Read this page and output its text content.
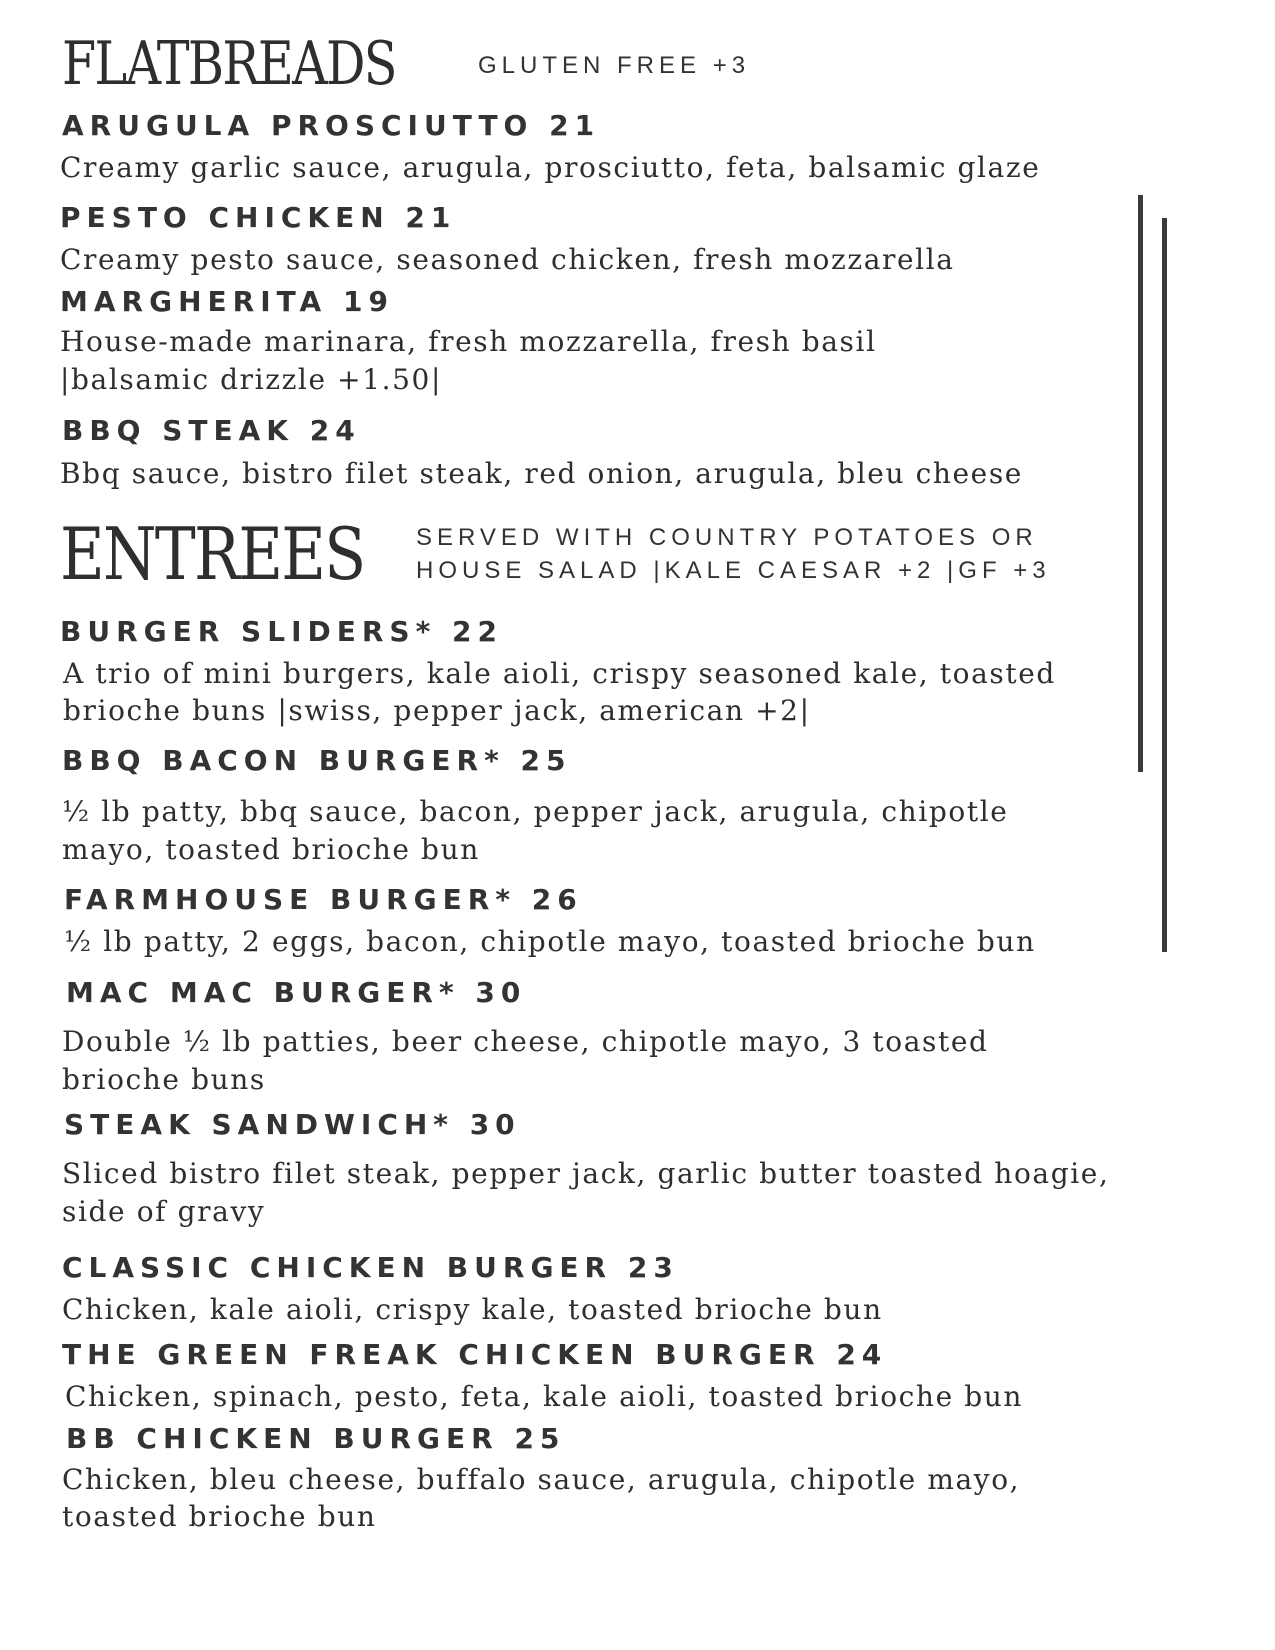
FLATBREADS	GLUTEN FREE +3

ARUGULA PROSCIUTTO 21

Creamy garlic sauce, arugula, prosciutto, feta, balsamic glaze

PESTO CHICKEN 21

Creamy pesto sauce, seasoned chicken, fresh mozzarella

MARGHERITA 19

House-made marinara, fresh mozzarella, fresh basil

|balsamic drizzle +1.50|

BBQ STEAK 24

Bbq sauce, bistro filet steak, red onion, arugula, bleu cheese

ENTREES SERVED WITH COUNTRY POTATOES OR

HOUSE SALAD |KALE CAESAR +2 |GF +3

BURGER SLIDERS* 22

A trio of mini burgers, kale aioli, crispy seasoned kale, toasted

brioche buns |swiss, pepper jack, american +2|

BBQ BACON BURGER* 25

½ lb patty, bbq sauce, bacon, pepper jack, arugula, chipotle

mayo, toasted brioche bun

FARMHOUSE BURGER* 26

½ lb patty, 2 eggs, bacon, chipotle mayo, toasted brioche bun

MAC MAC BURGER* 30

Double ½ lb patties, beer cheese, chipotle mayo, 3 toasted

brioche buns

STEAK SANDWICH* 30

Sliced bistro filet steak, pepper jack, garlic butter toasted hoagie,

side of gravy

CLASSIC CHICKEN BURGER 23

Chicken, kale aioli, crispy kale, toasted brioche bun

THE GREEN FREAK CHICKEN BURGER 24

Chicken, spinach, pesto, feta, kale aioli, toasted brioche bun

BB CHICKEN BURGER 25

Chicken, bleu cheese, buffalo sauce, arugula, chipotle mayo,

toasted brioche bun
